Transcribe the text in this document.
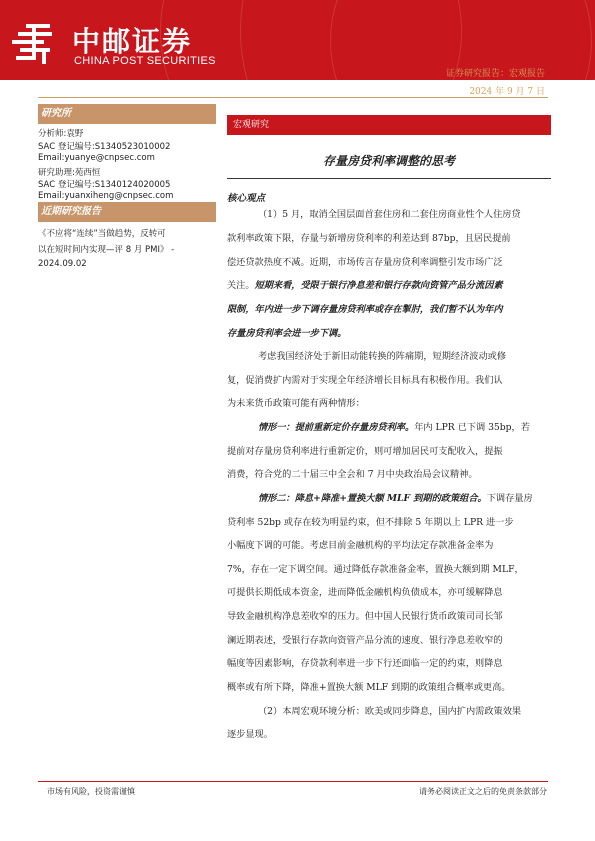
中邮证券
CHINA POST SECURITIES
证券研究报告：宏观报告
2024 年 9 月 7 日
研究所
分析师:袁野
SAC 登记编号:S1340523010002
Email:yuanye@cnpsec.com
研究助理:苑西恒
SAC 登记编号:S1340124020005
Email:yuanxiheng@cnpsec.com
近期研究报告
《不应将“连续”当做趋势，反转可
以在短时间内实现—评 8 月 PMI》 -
2024.09.02
宏观研究
存量房贷利率调整的思考
核心观点
（1）5 月，取消全国层面首套住房和二套住房商业性个人住房贷
款利率政策下限，存量与新增房贷利率的利差达到 87bp，且居民提前
偿还贷款热度不减。近期，市场传言存量房贷利率调整引发市场广泛
关注。短期来看，受限于银行净息差和银行存款向资管产品分流因素
限制，年内进一步下调存量房贷利率或存在掣肘，我们暂不认为年内
存量房贷利率会进一步下调。
考虑我国经济处于新旧动能转换的阵痛期，短期经济波动或修
复，促消费扩内需对于实现全年经济增长目标具有积极作用。我们认
为未来货币政策可能有两种情形：
情形一：提前重新定价存量房贷利率。年内 LPR 已下调 35bp，若
提前对存量房贷利率进行重新定价，则可增加居民可支配收入，提振
消费，符合党的二十届三中全会和 7 月中央政治局会议精神。
情形二：降息+降准+置换大额 MLF 到期的政策组合。下调存量房
贷利率 52bp 或存在较为明显约束，但不排除 5 年期以上 LPR 进一步
小幅度下调的可能。考虑目前金融机构的平均法定存款准备金率为
7%，存在一定下调空间。通过降低存款准备金率，置换大额到期 MLF，
可提供长期低成本资金，进而降低金融机构负债成本，亦可缓解降息
导致金融机构净息差收窄的压力。但中国人民银行货币政策司司长邹
澜近期表述，受银行存款向资管产品分流的速度、银行净息差收窄的
幅度等因素影响，存贷款利率进一步下行还面临一定的约束，则降息
概率或有所下降，降准+置换大额 MLF 到期的政策组合概率或更高。
（2）本周宏观环境分析：欧美或同步降息，国内扩内需政策效果
逐步显现。
市场有风险，投资需谨慎	请务必阅读正文之后的免责条款部分
